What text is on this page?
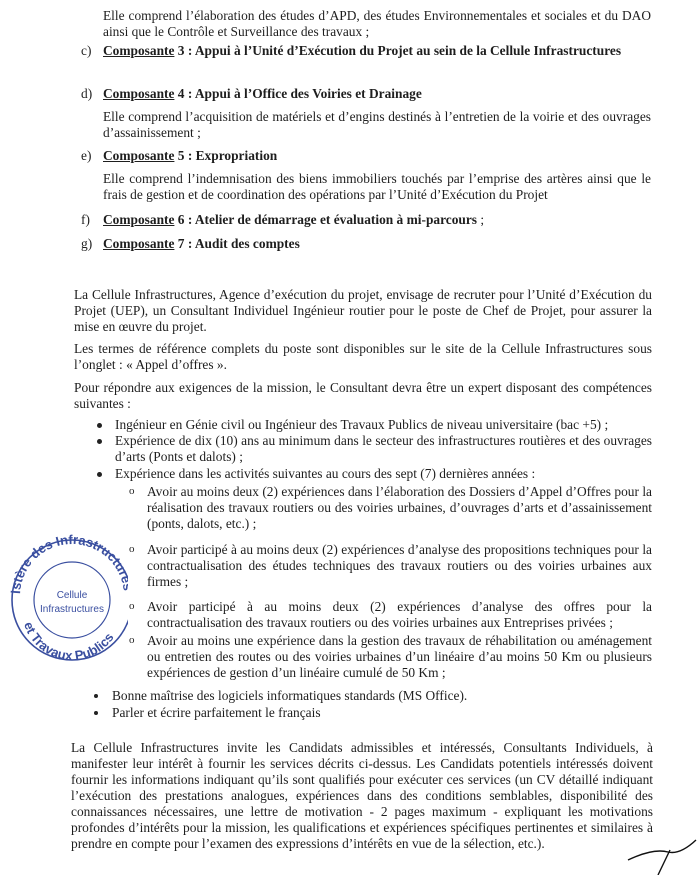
Elle comprend l’élaboration des études d’APD, des études Environnementales et sociales et du DAO ainsi que le Contrôle et Surveillance des travaux ;
c) Composante 3 : Appui à l’Unité d’Exécution du Projet au sein de la Cellule Infrastructures
d) Composante 4 : Appui à l’Office des Voiries et Drainage
Elle comprend l’acquisition de matériels et d’engins destinés à l’entretien de la voirie et des ouvrages d’assainissement ;
e) Composante 5 : Expropriation
Elle comprend l’indemnisation des biens immobiliers touchés par l’emprise des artères ainsi que le frais de gestion et de coordination des opérations par l’Unité d’Exécution du Projet
f) Composante 6 : Atelier de démarrage et évaluation à mi-parcours ;
g) Composante 7 : Audit des comptes
La Cellule Infrastructures, Agence d’exécution du projet, envisage de recruter pour l’Unité d’Exécution du Projet (UEP), un Consultant Individuel Ingénieur routier pour le poste de Chef de Projet, pour assurer la mise en œuvre du projet.
Les termes de référence complets du poste sont disponibles sur le site de la Cellule Infrastructures sous l’onglet : « Appel d’offres ».
Pour répondre aux exigences de la mission, le Consultant devra être un expert disposant des compétences suivantes :
Ingénieur en Génie civil ou Ingénieur des Travaux Publics de niveau universitaire (bac +5) ;
Expérience de dix (10) ans au minimum dans le secteur des infrastructures routières et des ouvrages d’arts (Ponts et dalots) ;
Expérience dans les activités suivantes au cours des sept (7) dernières années :
o Avoir au moins deux (2) expériences dans l’élaboration des Dossiers d’Appel d’Offres pour la réalisation des travaux routiers ou des voiries urbaines, d’ouvrages d’arts et d’assainissement (ponts, dalots, etc.) ;
o Avoir participé à au moins deux (2) expériences d’analyse des propositions techniques pour la contractualisation des études techniques des travaux routiers ou des voiries urbaines aux firmes ;
o Avoir participé à au moins deux (2) expériences d’analyse des offres pour la contractualisation des travaux routiers ou des voiries urbaines aux Entreprises privées ;
o Avoir au moins une expérience dans la gestion des travaux de réhabilitation ou aménagement ou entretien des routes ou des voiries urbaines d’un linéaire d’au moins 50 Km ou plusieurs expériences de gestion d’un linéaire cumulé de 50 Km ;
Bonne maîtrise des logiciels informatiques standards (MS Office).
Parler et écrire parfaitement le français
La Cellule Infrastructures invite les Candidats admissibles et intéressés, Consultants Individuels, à manifester leur intérêt à fournir les services décrits ci-dessus. Les Candidats potentiels intéressés doivent fournir les informations indiquant qu’ils sont qualifiés pour exécuter ces services (un CV détaillé indiquant l’exécution des prestations analogues, expériences dans des conditions semblables, disponibilité des connaissances nécessaires, une lettre de motivation - 2 pages maximum - expliquant les motivations profondes d’intérêts pour la mission, les qualifications et expériences spécifiques pertinentes et similaires à prendre en compte pour l’examen des expressions d’intérêts en vue de la sélection, etc.).
istère des Infrastructu
et Travaux Publics
Cellule
Infrastructures
